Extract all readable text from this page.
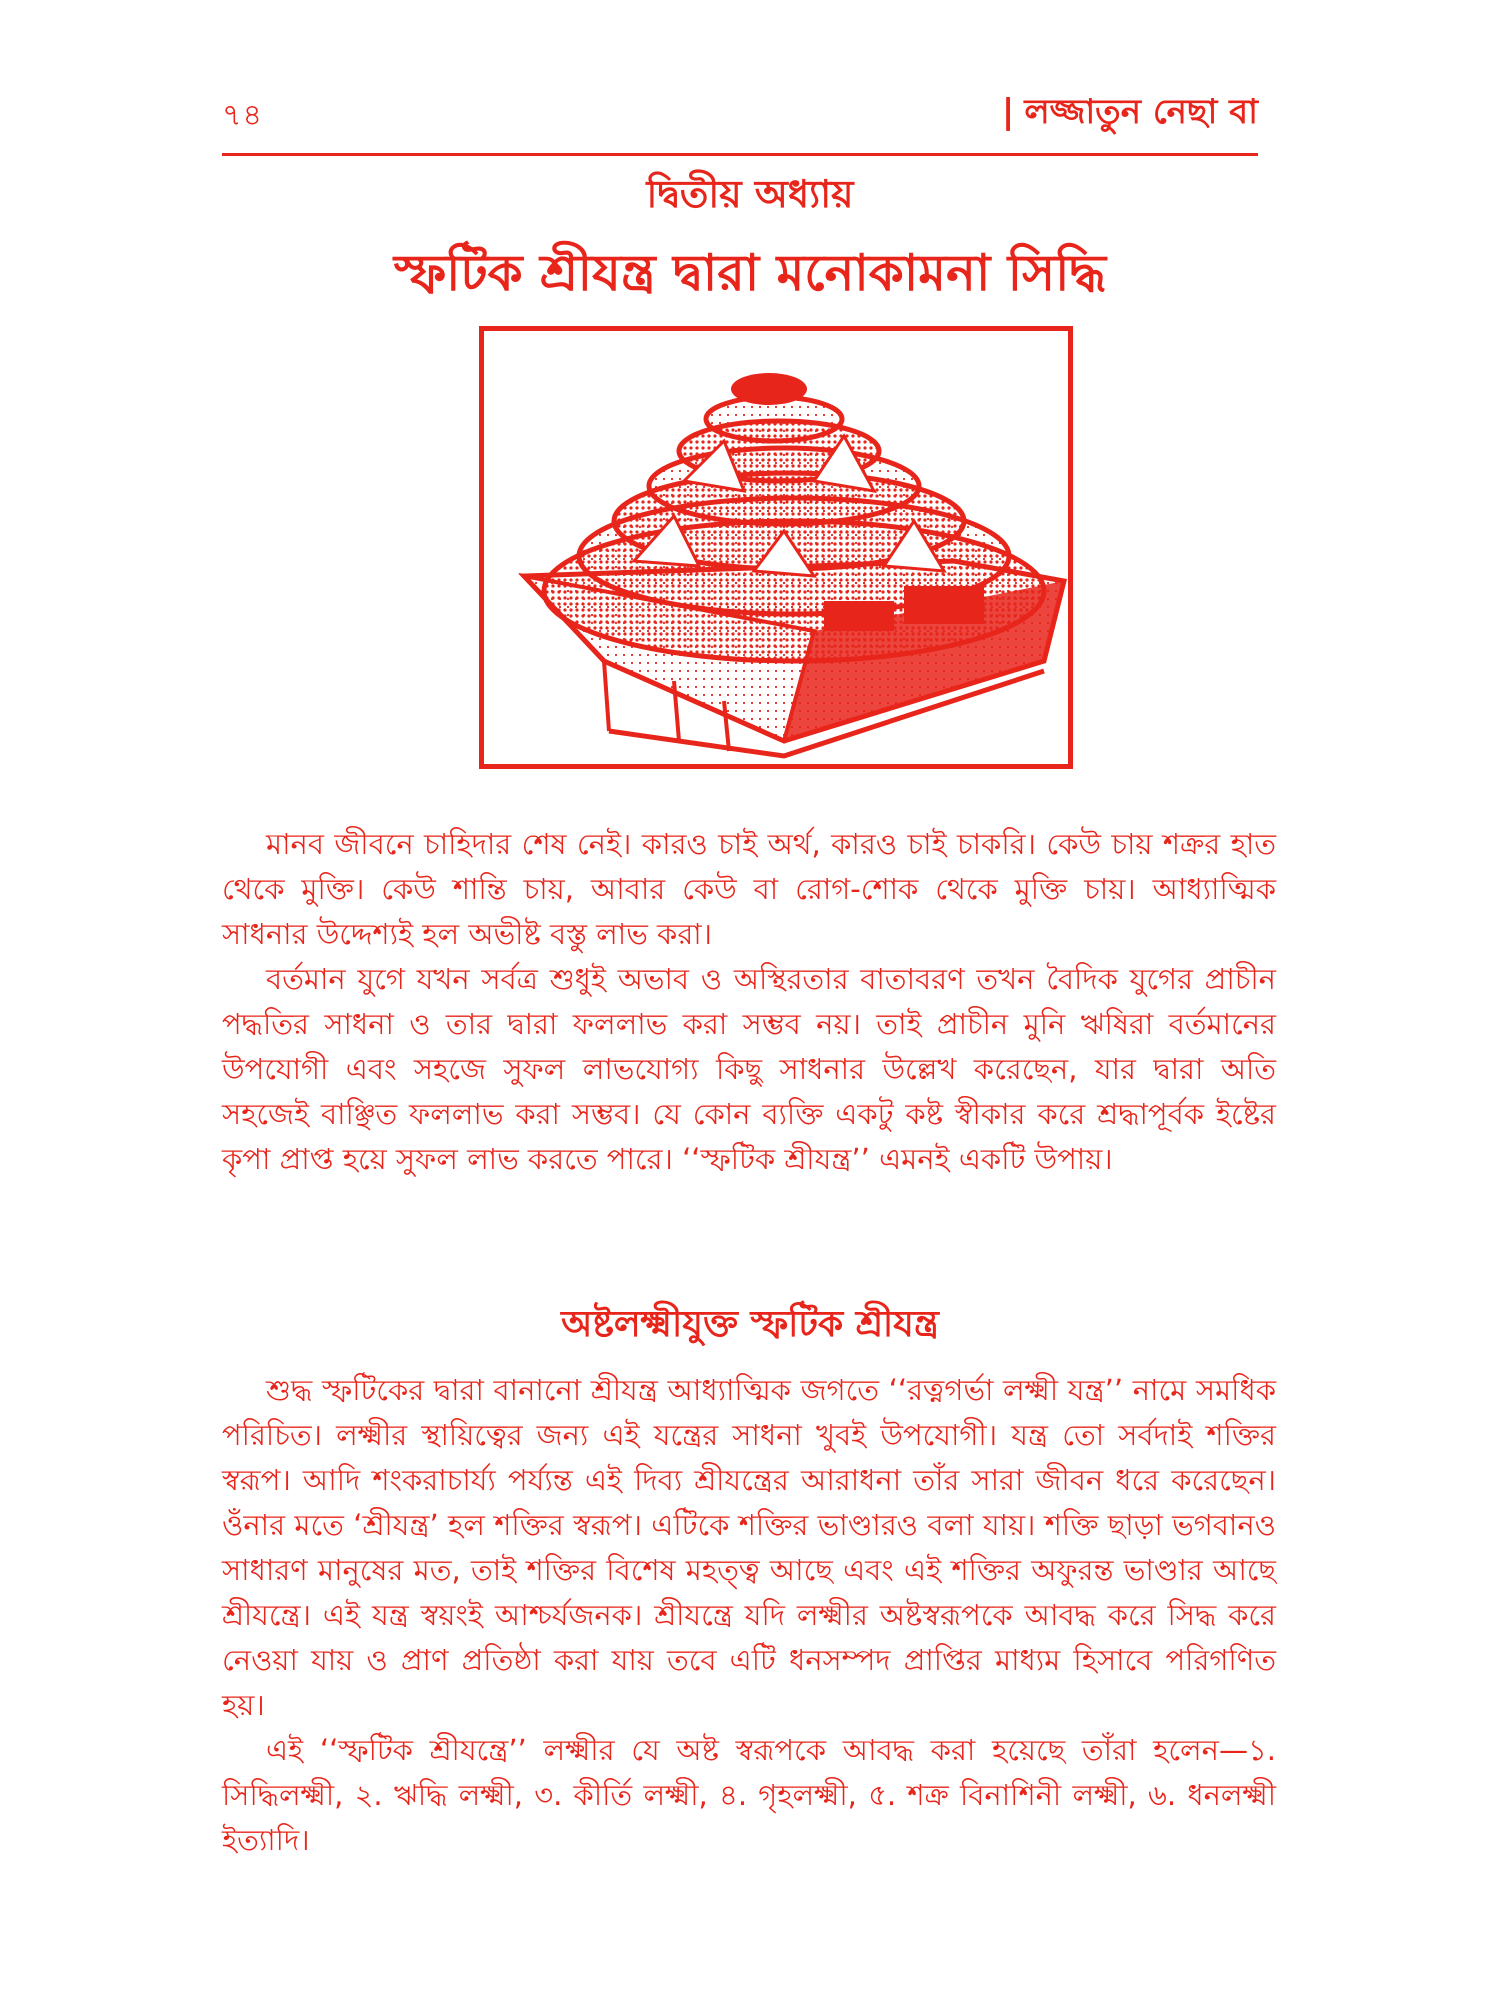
৭৪	| লজ্জাতুন নেছা বা
দ্বিতীয় অধ্যায়
স্ফটিক শ্রীযন্ত্র দ্বারা মনোকামনা সিদ্ধি

মানব জীবনে চাহিদার শেষ নেই। কারও চাই অর্থ, কারও চাই চাকরি। কেউ চায় শক্রর হাত থেকে মুক্তি। কেউ শান্তি চায়, আবার কেউ বা রোগ-শোক থেকে মুক্তি চায়। আধ্যাত্মিক সাধনার উদ্দেশ্যই হল অভীষ্ট বস্তু লাভ করা।

বর্তমান যুগে যখন সর্বত্র শুধুই অভাব ও অস্থিরতার বাতাবরণ তখন বৈদিক যুগের প্রাচীন পদ্ধতির সাধনা ও তার দ্বারা ফললাভ করা সম্ভব নয়। তাই প্রাচীন মুনি ঋষিরা বর্তমানের উপযোগী এবং সহজে সুফল লাভযোগ্য কিছু সাধনার উল্লেখ করেছেন, যার দ্বারা অতি সহজেই বাঞ্ছিত ফললাভ করা সম্ভব। যে কোন ব্যক্তি একটু কষ্ট স্বীকার করে শ্রদ্ধাপূর্বক ইষ্টের কৃপা প্রাপ্ত হয়ে সুফল লাভ করতে পারে। ‘‘স্ফটিক শ্রীযন্ত্র’’ এমনই একটি উপায়।

অষ্টলক্ষ্মীযুক্ত স্ফটিক শ্রীযন্ত্র

শুদ্ধ স্ফটিকের দ্বারা বানানো শ্রীযন্ত্র আধ্যাত্মিক জগতে ‘‘রত্নগর্ভা লক্ষ্মী যন্ত্র’’ নামে সমধিক পরিচিত। লক্ষ্মীর স্থায়িত্বের জন্য এই যন্ত্রের সাধনা খুবই উপযোগী। যন্ত্র তো সর্বদাই শক্তির স্বরূপ। আদি শংকরাচার্য্য পর্য্যন্ত এই দিব্য শ্রীযন্ত্রের আরাধনা তাঁর সারা জীবন ধরে করেছেন। ওঁনার মতে ‘শ্রীযন্ত্র’ হল শক্তির স্বরূপ। এটিকে শক্তির ভাণ্ডারও বলা যায়। শক্তি ছাড়া ভগবানও সাধারণ মানুষের মত, তাই শক্তির বিশেষ মহত্ত্ব আছে এবং এই শক্তির অফুরন্ত ভাণ্ডার আছে শ্রীযন্ত্রে। এই যন্ত্র স্বয়ংই আশ্চর্যজনক। শ্রীযন্ত্রে যদি লক্ষ্মীর অষ্টস্বরূপকে আবদ্ধ করে সিদ্ধ করে নেওয়া যায় ও প্রাণ প্রতিষ্ঠা করা যায় তবে এটি ধনসম্পদ প্রাপ্তির মাধ্যম হিসাবে পরিগণিত হয়।

এই ‘‘স্ফটিক শ্রীযন্ত্রে’’ লক্ষ্মীর যে অষ্ট স্বরূপকে আবদ্ধ করা হয়েছে তাঁরা হলেন—১. সিদ্ধিলক্ষ্মী, ২. ঋদ্ধি লক্ষ্মী, ৩. কীর্তি লক্ষ্মী, ৪. গৃহলক্ষ্মী, ৫. শক্র বিনাশিনী লক্ষ্মী, ৬. ধনলক্ষ্মী ইত্যাদি।
